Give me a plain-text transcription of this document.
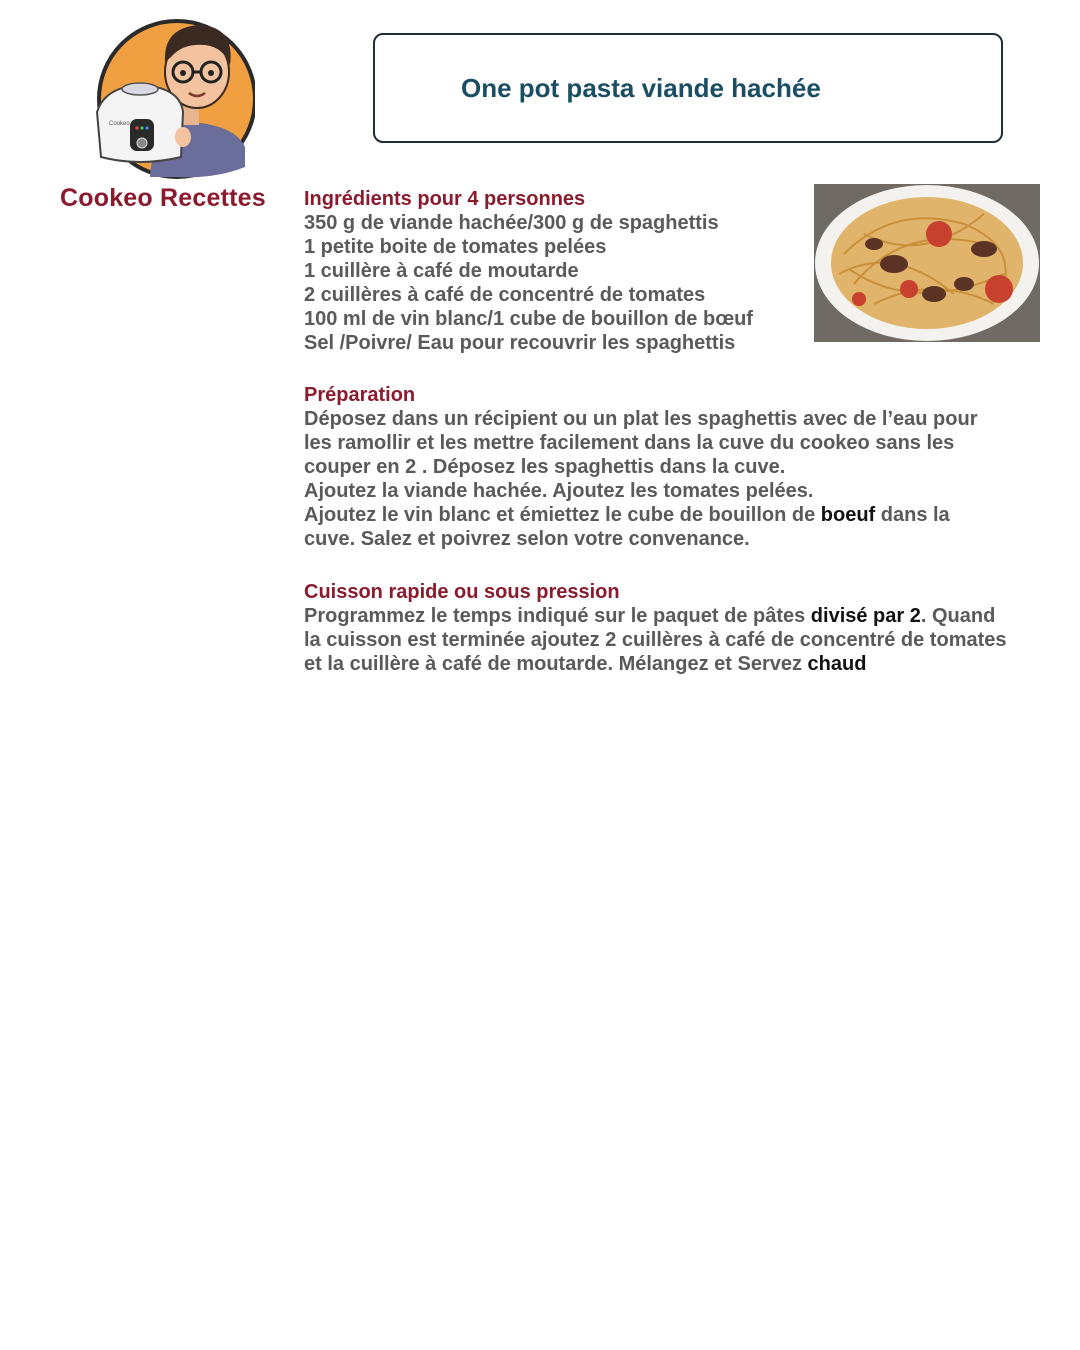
Cookeo
Cookeo Recettes
One pot pasta viande hachée
Ingrédients pour 4 personnes
350 g de viande hachée/300 g de spaghettis
1 petite boite de tomates pelées
1 cuillère à café de moutarde
2 cuillères à café de concentré de tomates
100 ml de vin blanc/1 cube de bouillon de bœuf
Sel /Poivre/ Eau pour recouvrir les spaghettis
Préparation
Déposez dans un récipient ou un plat les spaghettis avec de l’eau pour
les ramollir et les mettre facilement dans la cuve du cookeo sans les
couper en 2 . Déposez les spaghettis dans la cuve.
Ajoutez la viande hachée. Ajoutez les tomates pelées.
Ajoutez le vin blanc et émiettez le cube de bouillon de boeuf dans la
cuve. Salez et poivrez selon votre convenance.
Cuisson rapide ou sous pression
Programmez le temps indiqué sur le paquet de pâtes divisé par 2. Quand
la cuisson est terminée ajoutez 2 cuillères à café de concentré de tomates
et la cuillère à café de moutarde. Mélangez et Servez chaud
